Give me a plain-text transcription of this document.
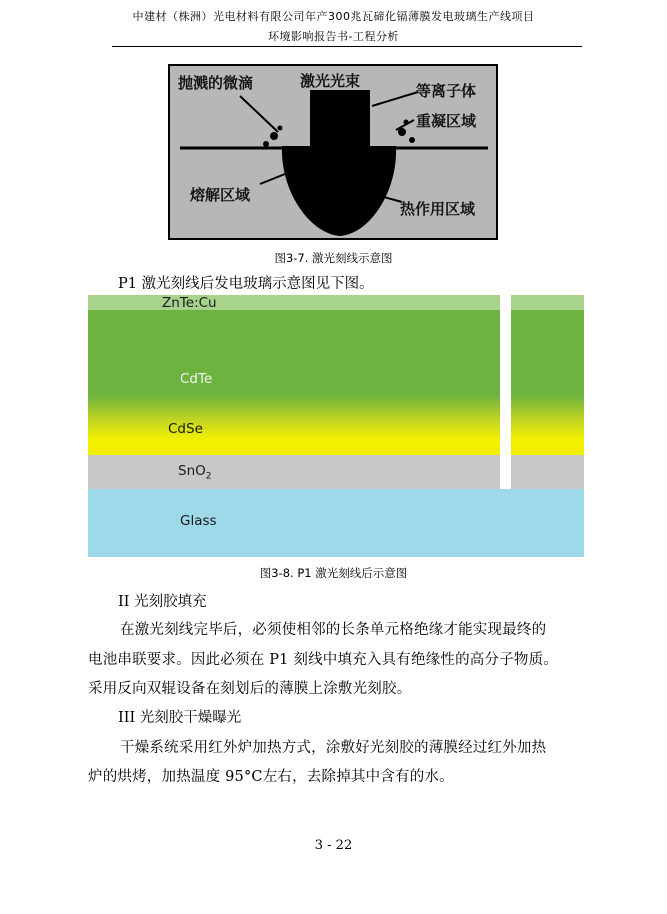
中建材（株洲）光电材料有限公司年产300兆瓦碲化镉薄膜发电玻璃生产线项目
环境影响报告书-工程分析
抛溅的微滴	激光光束
等离子体
重凝区域
熔解区域
热作用区域
图3-7. 激光刻线示意图
P1 激光刻线后发电玻璃示意图见下图。
ZnTe:Cu
CdTe
CdSe
SnO$_2$
Glass
图3-8. P1 激光刻线后示意图
II 光刻胶填充
在激光刻线完毕后，必须使相邻的长条单元格绝缘才能实现最终的
电池串联要求。因此必须在 P1 刻线中填充入具有绝缘性的高分子物质。
采用反向双辊设备在刻划后的薄膜上涂敷光刻胶。
III 光刻胶干燥曝光
干燥系统采用红外炉加热方式，涂敷好光刻胶的薄膜经过红外加热
炉的烘烤，加热温度 95°C左右，去除掉其中含有的水。
3 - 22
